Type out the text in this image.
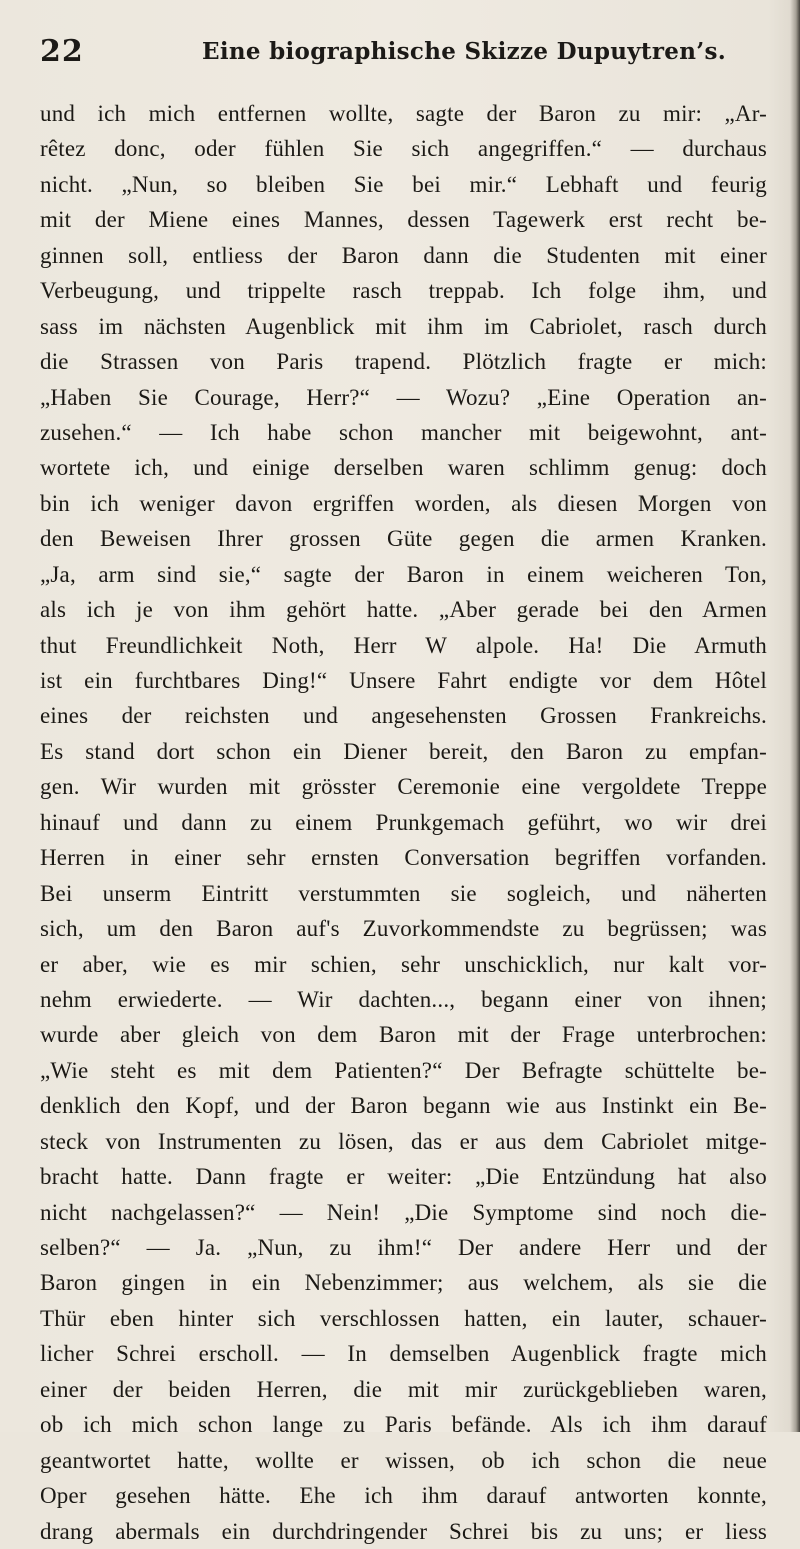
22	Eine biographische Skizze Dupuytren’s.
und ich mich entfernen wollte, sagte der Baron zu mir: „Ar-
rêtez donc, oder fühlen Sie sich angegriffen.“ — durchaus
nicht. „Nun, so bleiben Sie bei mir.“ Lebhaft und feurig
mit der Miene eines Mannes, dessen Tagewerk erst recht be-
ginnen soll, entliess der Baron dann die Studenten mit einer
Verbeugung, und trippelte rasch treppab. Ich folge ihm, und
sass im nächsten Augenblick mit ihm im Cabriolet, rasch durch
die Strassen von Paris trapend. Plötzlich fragte er mich:
„Haben Sie Courage, Herr?“ — Wozu? „Eine Operation an-
zusehen.“ — Ich habe schon mancher mit beigewohnt, ant-
wortete ich, und einige derselben waren schlimm genug: doch
bin ich weniger davon ergriffen worden, als diesen Morgen von
den Beweisen Ihrer grossen Güte gegen die armen Kranken.
„Ja, arm sind sie,“ sagte der Baron in einem weicheren Ton,
als ich je von ihm gehört hatte. „Aber gerade bei den Armen
thut Freundlichkeit Noth, Herr W alpole. Ha! Die Armuth
ist ein furchtbares Ding!“ Unsere Fahrt endigte vor dem Hôtel
eines der reichsten und angesehensten Grossen Frankreichs.
Es stand dort schon ein Diener bereit, den Baron zu empfan-
gen. Wir wurden mit grösster Ceremonie eine vergoldete Treppe
hinauf und dann zu einem Prunkgemach geführt, wo wir drei
Herren in einer sehr ernsten Conversation begriffen vorfanden.
Bei unserm Eintritt verstummten sie sogleich, und näherten
sich, um den Baron auf's Zuvorkommendste zu begrüssen; was
er aber, wie es mir schien, sehr unschicklich, nur kalt vor-
nehm erwiederte. — Wir dachten..., begann einer von ihnen;
wurde aber gleich von dem Baron mit der Frage unterbrochen:
„Wie steht es mit dem Patienten?“ Der Befragte schüttelte be-
denklich den Kopf, und der Baron begann wie aus Instinkt ein Be-
steck von Instrumenten zu lösen, das er aus dem Cabriolet mitge-
bracht hatte. Dann fragte er weiter: „Die Entzündung hat also
nicht nachgelassen?“ — Nein! „Die Symptome sind noch die-
selben?“ — Ja. „Nun, zu ihm!“ Der andere Herr und der
Baron gingen in ein Nebenzimmer; aus welchem, als sie die
Thür eben hinter sich verschlossen hatten, ein lauter, schauer-
licher Schrei erscholl. — In demselben Augenblick fragte mich
einer der beiden Herren, die mit mir zurückgeblieben waren,
ob ich mich schon lange zu Paris befände. Als ich ihm darauf
geantwortet hatte, wollte er wissen, ob ich schon die neue
Oper gesehen hätte. Ehe ich ihm darauf antworten konnte,
drang abermals ein durchdringender Schrei bis zu uns; er liess
